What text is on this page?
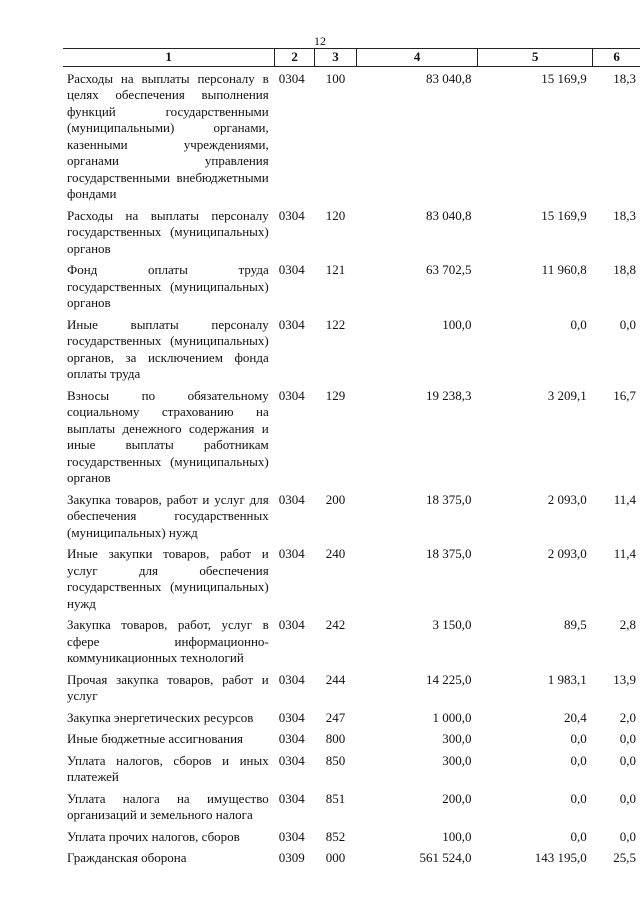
12
1	2	3	4	5	6
Расходы на выплаты персоналу в целях обеспечения выполнения функций государственными (муниципальными) органами, казенными учреждениями, органами управления государственными внебюджетными фондами	0304	100	83 040,8	15 169,9	18,3
Расходы на выплаты персоналу государственных (муниципальных) органов	0304	120	83 040,8	15 169,9	18,3
Фонд оплаты труда государственных (муниципальных) органов	0304	121	63 702,5	11 960,8	18,8
Иные выплаты персоналу государственных (муниципальных) органов, за исключением фонда оплаты труда	0304	122	100,0	0,0	0,0
Взносы по обязательному социальному страхованию на выплаты денежного содержания и иные выплаты работникам государственных (муниципальных) органов	0304	129	19 238,3	3 209,1	16,7
Закупка товаров, работ и услуг для обеспечения государственных (муниципальных) нужд	0304	200	18 375,0	2 093,0	11,4
Иные закупки товаров, работ и услуг для обеспечения государственных (муниципальных) нужд	0304	240	18 375,0	2 093,0	11,4
Закупка товаров, работ, услуг в сфере информационно-коммуникационных технологий	0304	242	3 150,0	89,5	2,8
Прочая закупка товаров, работ и услуг	0304	244	14 225,0	1 983,1	13,9
Закупка энергетических ресурсов	0304	247	1 000,0	20,4	2,0
Иные бюджетные ассигнования	0304	800	300,0	0,0	0,0
Уплата налогов, сборов и иных платежей	0304	850	300,0	0,0	0,0
Уплата налога на имущество организаций и земельного налога	0304	851	200,0	0,0	0,0
Уплата прочих налогов, сборов	0304	852	100,0	0,0	0,0
Гражданская оборона	0309	000	561 524,0	143 195,0	25,5
